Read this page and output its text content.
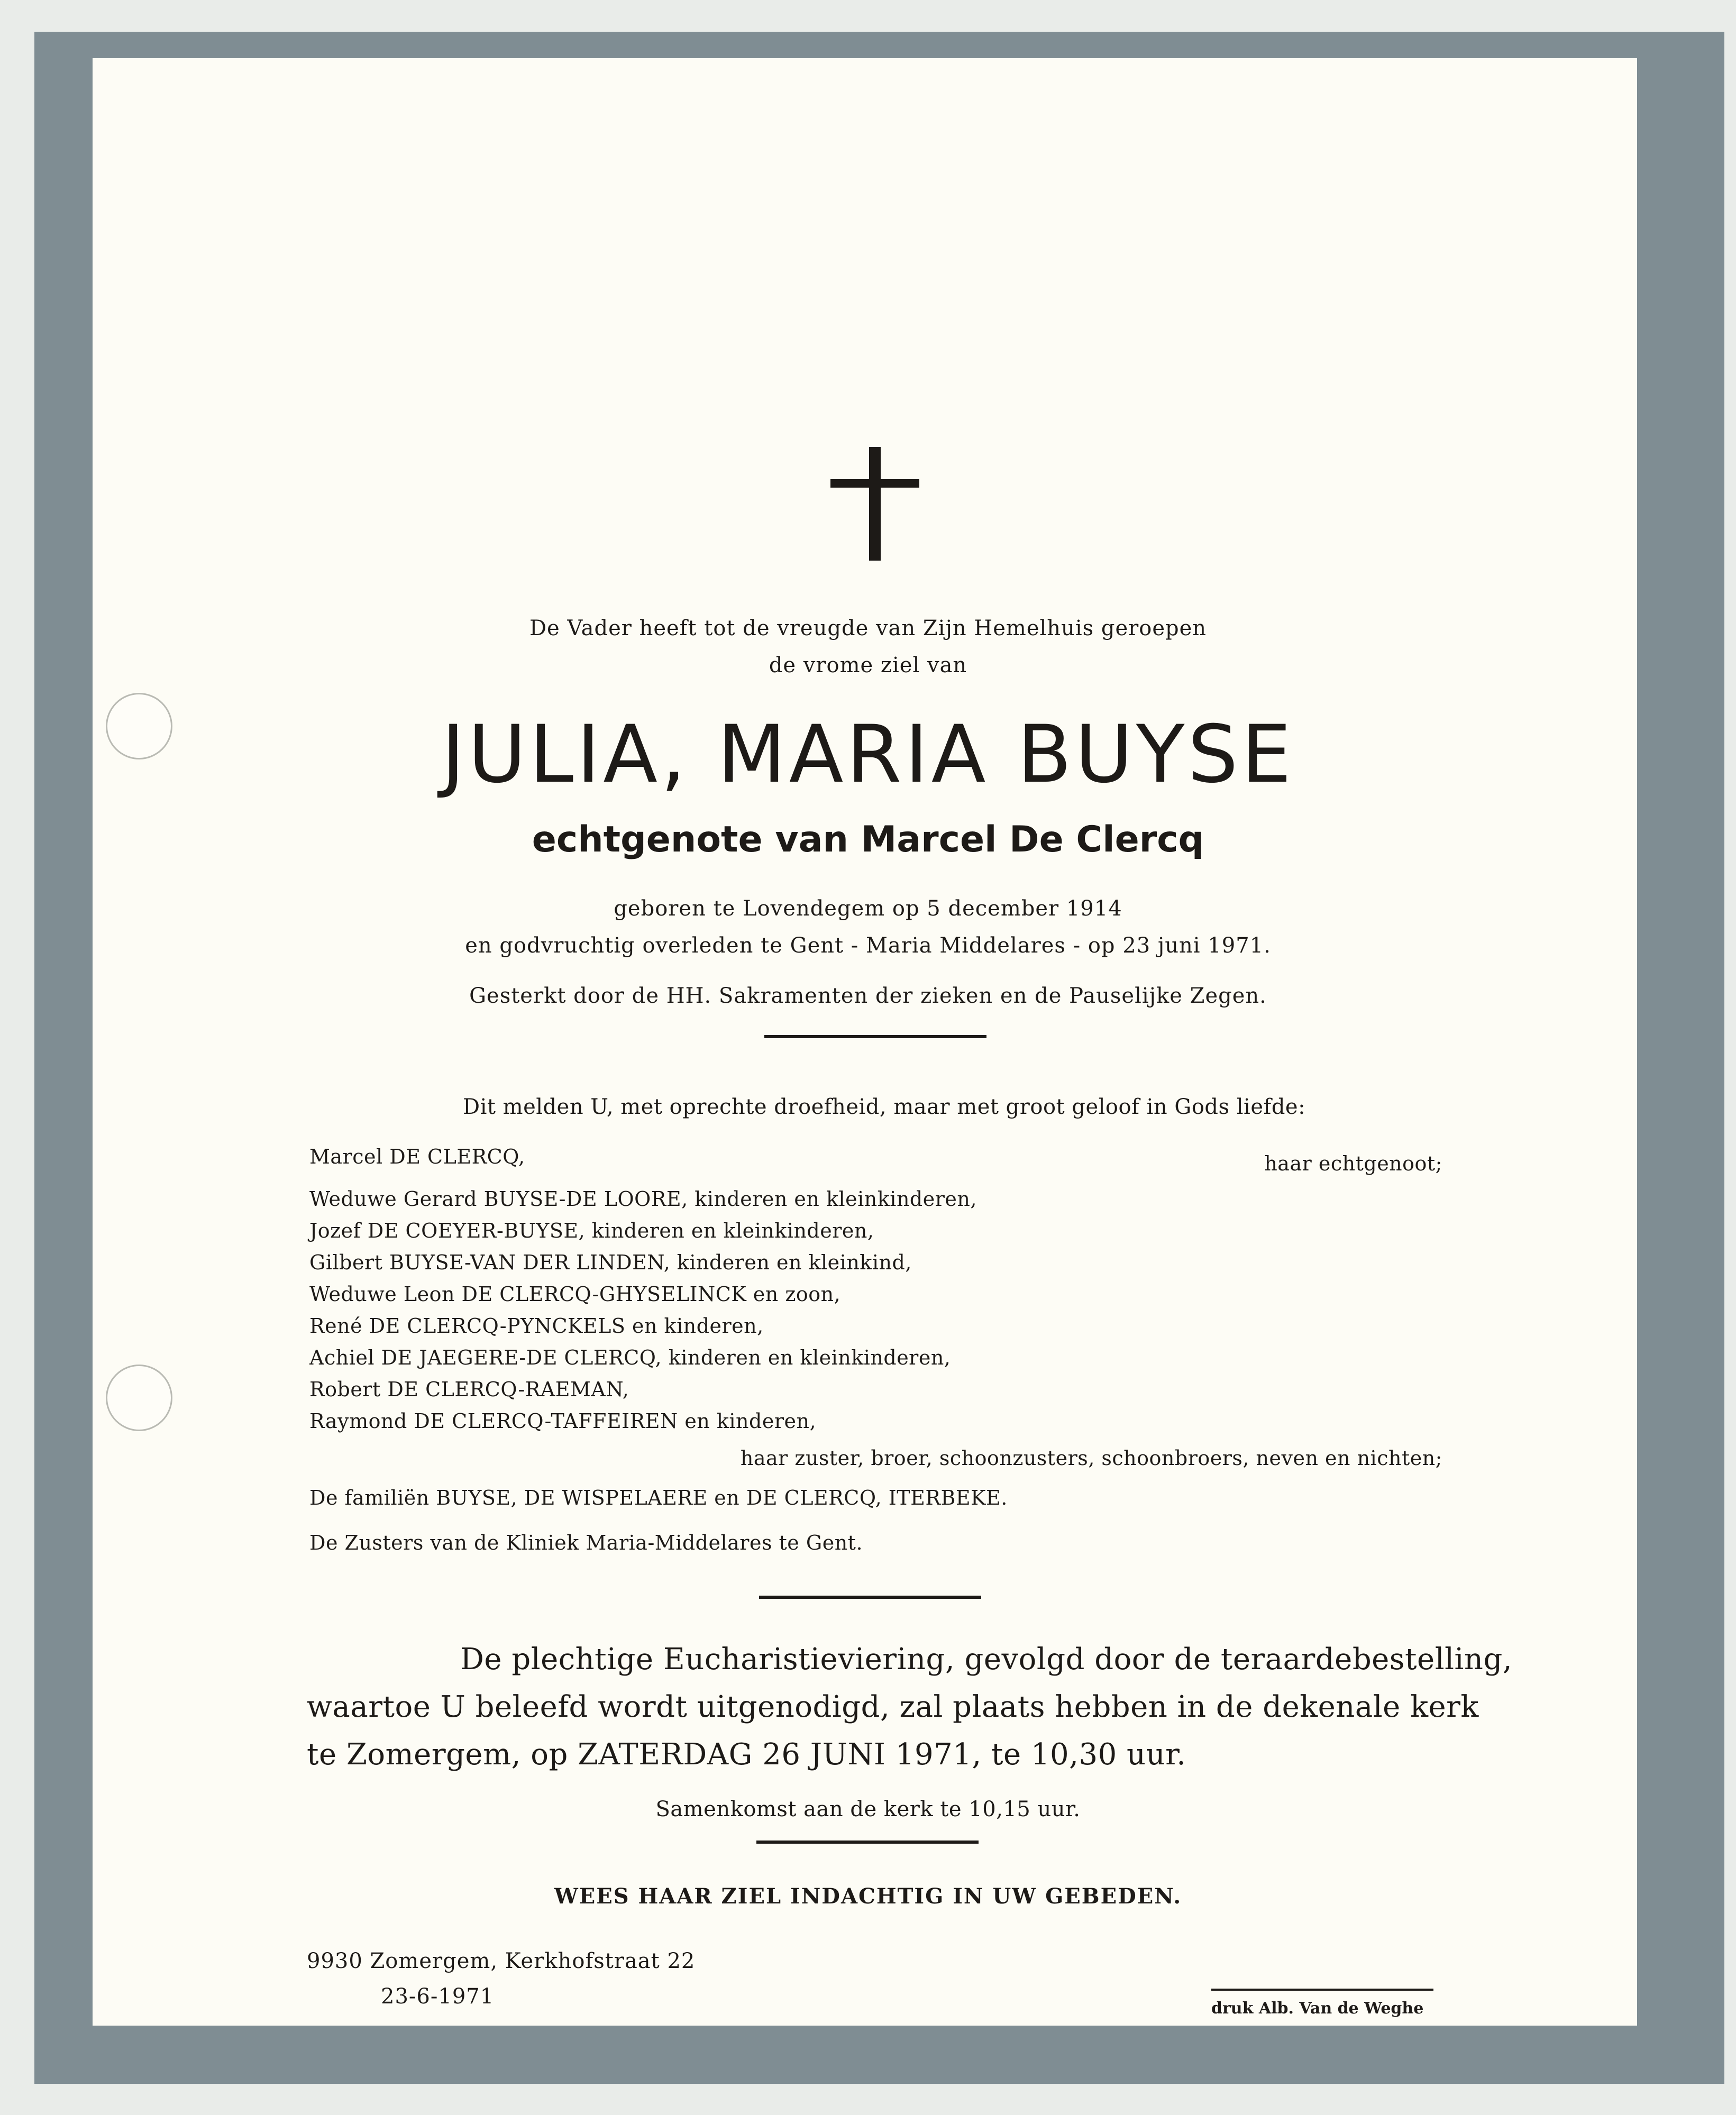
De Vader heeft tot de vreugde van Zijn Hemelhuis geroepen
de vrome ziel van
JULIA, MARIA BUYSE
echtgenote van Marcel De Clercq
geboren te Lovendegem op 5 december 1914
en godvruchtig overleden te Gent - Maria Middelares - op 23 juni 1971.
Gesterkt door de HH. Sakramenten der zieken en de Pauselijke Zegen.
Dit melden U, met oprechte droefheid, maar met groot geloof in Gods liefde:
Marcel DE CLERCQ,	haar echtgenoot;
Weduwe Gerard BUYSE-DE LOORE, kinderen en kleinkinderen,
Jozef DE COEYER-BUYSE, kinderen en kleinkinderen,
Gilbert BUYSE-VAN DER LINDEN, kinderen en kleinkind,
Weduwe Leon DE CLERCQ-GHYSELINCK en zoon,
René DE CLERCQ-PYNCKELS en kinderen,
Achiel DE JAEGERE-DE CLERCQ, kinderen en kleinkinderen,
Robert DE CLERCQ-RAEMAN,
Raymond DE CLERCQ-TAFFEIREN en kinderen,
haar zuster, broer, schoonzusters, schoonbroers, neven en nichten;
De familiën BUYSE, DE WISPELAERE en DE CLERCQ, ITERBEKE.
De Zusters van de Kliniek Maria-Middelares te Gent.
De plechtige Eucharistieviering, gevolgd door de teraardebestelling,
waartoe U beleefd wordt uitgenodigd, zal plaats hebben in de dekenale kerk
te Zomergem, op ZATERDAG 26 JUNI 1971, te 10,30 uur.
Samenkomst aan de kerk te 10,15 uur.
WEES HAAR ZIEL INDACHTIG IN UW GEBEDEN.
9930 Zomergem, Kerkhofstraat 22
23-6-1971	druk Alb. Van de Weghe
